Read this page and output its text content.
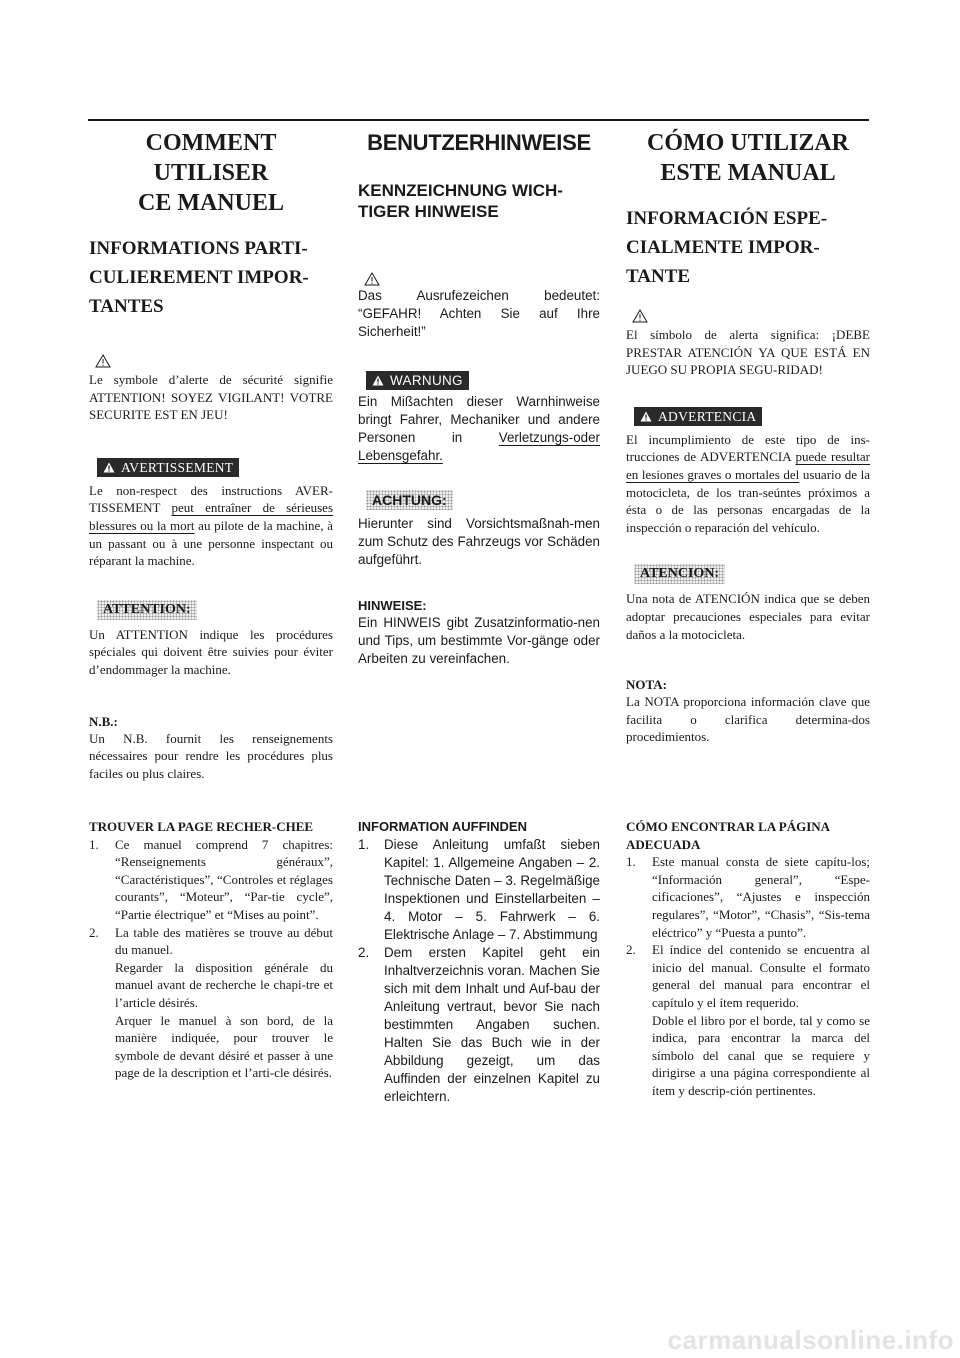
COMMENT UTILISER

CE MANUEL

INFORMATIONS PARTI-

CULIEREMENT IMPOR-

TANTES

Le symbole d’alerte de sécurité signifie ATTENTION! SOYEZ VIGILANT! VOTRE SECURITE EST EN JEU!

AVERTISSEMENT

Le non-respect des instructions AVER-TISSEMENT peut entraîner de sérieuses blessures ou la mort au pilote de la machine, à un passant ou à une personne inspectant ou réparant la machine.

ATTENTION:

Un ATTENTION indique les procédures spéciales qui doivent être suivies pour éviter d’endommager la machine.

N.B.:

Un N.B. fournit les renseignements nécessaires pour rendre les procédures plus faciles ou plus claires.

TROUVER LA PAGE RECHER-CHEE

1. Ce manuel comprend 7 chapitres: “Renseignements généraux”, “Caractéristiques”, “Controles et réglages courants”, “Moteur”, “Par-tie cycle”, “Partie électrique” et “Mises au point”.
2. La table des matières se trouve au début du manuel.
Regarder la disposition générale du manuel avant de recherche le chapi-tre et l’article désirés.
Arquer le manuel à son bord, de la manière indiquée, pour trouver le symbole de devant désiré et passer à une page de la description et l’arti-cle désirés.

BENUTZERHINWEISE

KENNZEICHNUNG WICH-

TIGER HINWEISE

Das Ausrufezeichen bedeutet: “GEFAHR! Achten Sie auf Ihre Sicherheit!”

WARNUNG

Ein Mißachten dieser Warnhinweise bringt Fahrer, Mechaniker und andere Personen in Verletzungs-oder Lebensgefahr.

ACHTUNG:

Hierunter sind Vorsichtsmaßnah-men zum Schutz des Fahrzeugs vor Schäden aufgeführt.

HINWEISE:

Ein HINWEIS gibt Zusatzinformatio-nen und Tips, um bestimmte Vor-gänge oder Arbeiten zu vereinfachen.

INFORMATION AUFFINDEN

1. Diese Anleitung umfaßt sieben Kapitel: 1. Allgemeine Angaben – 2. Technische Daten – 3. Regelmäßige Inspektionen und Einstellarbeiten – 4. Motor – 5. Fahrwerk – 6. Elektrische Anlage – 7. Abstimmung
2. Dem ersten Kapitel geht ein Inhaltverzeichnis voran. Machen Sie sich mit dem Inhalt und Auf-bau der Anleitung vertraut, bevor Sie nach bestimmten Angaben suchen. Halten Sie das Buch wie in der Abbildung gezeigt, um das Auffinden der einzelnen Kapitel zu erleichtern.

CÓMO UTILIZAR

ESTE MANUAL

INFORMACIÓN ESPE-

CIALMENTE IMPOR-

TANTE

El símbolo de alerta significa: ¡DEBE PRESTAR ATENCIÓN YA QUE ESTÁ EN JUEGO SU PROPIA SEGU-RIDAD!

ADVERTENCIA

El incumplimiento de este tipo de ins-trucciones de ADVERTENCIA puede resultar en lesiones graves o mortales del usuario de la motocicleta, de los tran-seúntes próximos a ésta o de las personas encargadas de la inspección o reparación del vehículo.

ATENCION:

Una nota de ATENCIÓN indica que se deben adoptar precauciones especiales para evitar daños a la motocicleta.

NOTA:

La NOTA proporciona información clave que facilita o clarifica determina-dos procedimientos.

CÓMO ENCONTRAR LA PÁGINA ADECUADA

1. Este manual consta de siete capítu-los; “Información general”, “Espe-cificaciones”, “Ajustes e inspección regulares”, “Motor”, “Chasis”, “Sis-tema eléctrico” y “Puesta a punto”.
2. El índice del contenido se encuentra al inicio del manual. Consulte el formato general del manual para encontrar el capítulo y el ítem requerido.
Doble el libro por el borde, tal y como se indica, para encontrar la marca del símbolo del canal que se requiere y dirigirse a una página correspondiente al ítem y descrip-ción pertinentes.
carmanualsonline.info
